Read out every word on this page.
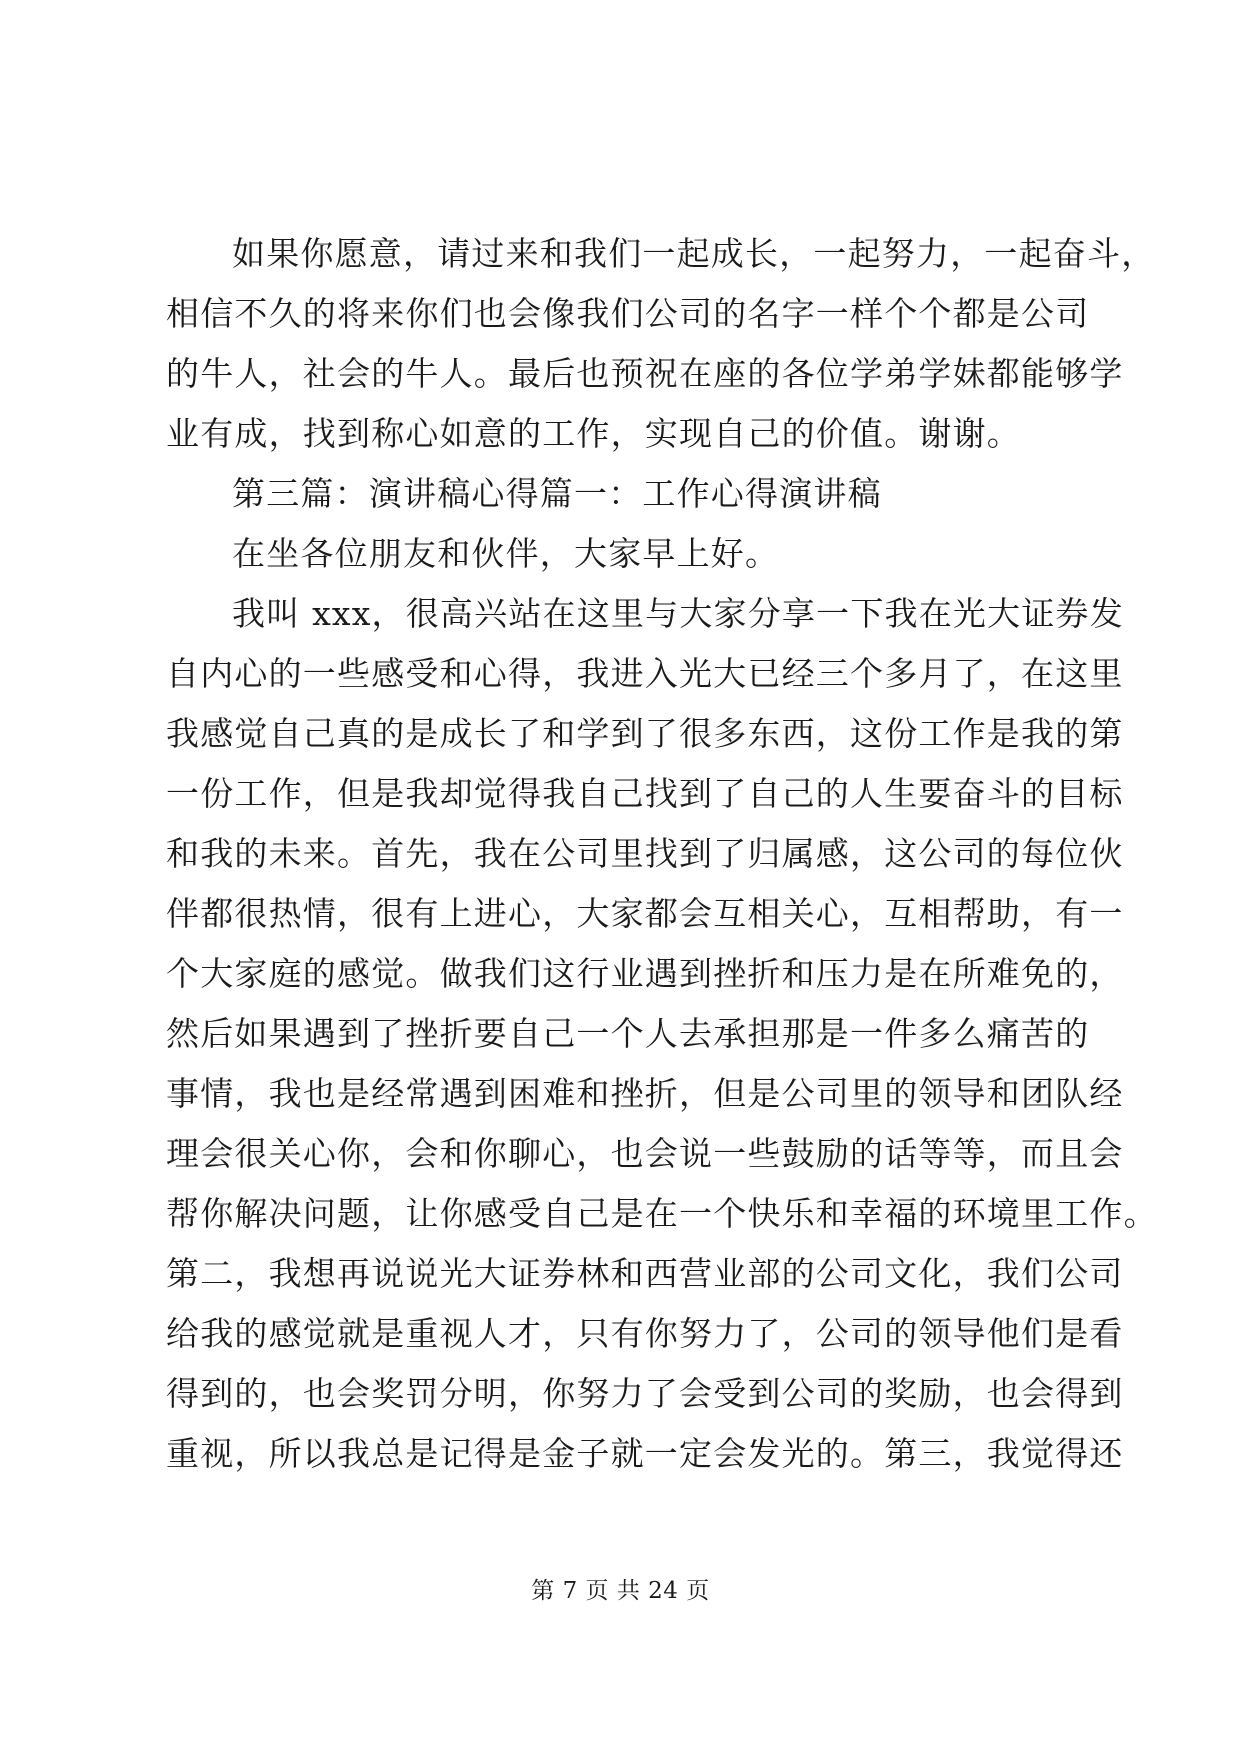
如果你愿意，请过来和我们一起成长，一起努力，一起奋斗，
相信不久的将来你们也会像我们公司的名字一样个个都是公司
的牛人，社会的牛人。最后也预祝在座的各位学弟学妹都能够学
业有成，找到称心如意的工作，实现自己的价值。谢谢。
第三篇：演讲稿心得篇一：工作心得演讲稿
在坐各位朋友和伙伴，大家早上好。
我叫 xxx，很高兴站在这里与大家分享一下我在光大证券发
自内心的一些感受和心得，我进入光大已经三个多月了，在这里
我感觉自己真的是成长了和学到了很多东西，这份工作是我的第
一份工作，但是我却觉得我自己找到了自己的人生要奋斗的目标
和我的未来。首先，我在公司里找到了归属感，这公司的每位伙
伴都很热情，很有上进心，大家都会互相关心，互相帮助，有一
个大家庭的感觉。做我们这行业遇到挫折和压力是在所难免的，
然后如果遇到了挫折要自己一个人去承担那是一件多么痛苦的
事情，我也是经常遇到困难和挫折，但是公司里的领导和团队经
理会很关心你，会和你聊心，也会说一些鼓励的话等等，而且会
帮你解决问题，让你感受自己是在一个快乐和幸福的环境里工作。
第二，我想再说说光大证券林和西营业部的公司文化，我们公司
给我的感觉就是重视人才，只有你努力了，公司的领导他们是看
得到的，也会奖罚分明，你努力了会受到公司的奖励，也会得到
重视，所以我总是记得是金子就一定会发光的。第三，我觉得还
第 7 页 共 24 页
